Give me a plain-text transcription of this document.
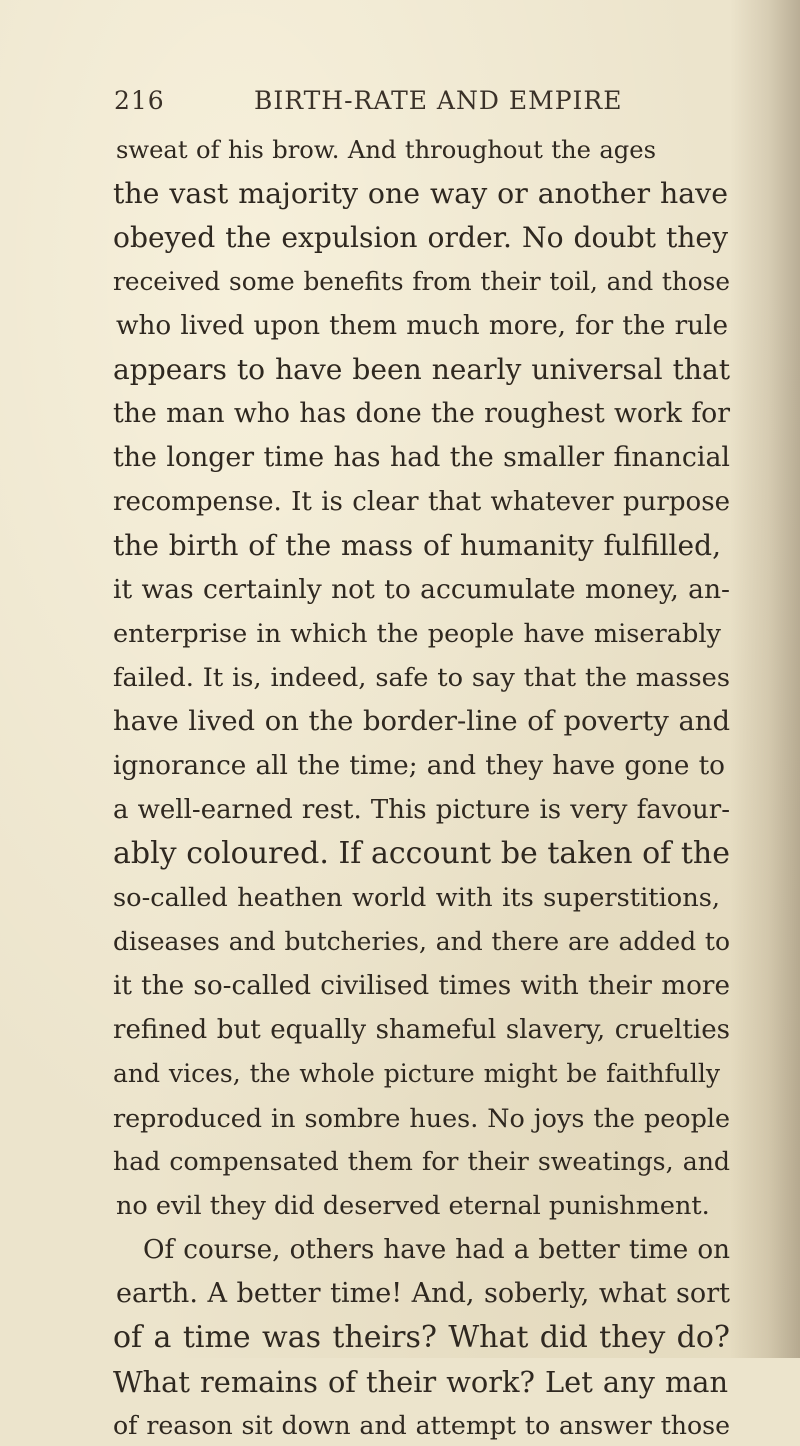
216	BIRTH-RATE AND EMPIRE
sweat of his brow. And throughout the ages
the vast majority one way or another have
obeyed the expulsion order. No doubt they
received some benefits from their toil, and those
who lived upon them much more, for the rule
appears to have been nearly universal that
the man who has done the roughest work for
the longer time has had the smaller financial
recompense. It is clear that whatever purpose
the birth of the mass of humanity fulfilled,
it was certainly not to accumulate money, an-
enterprise in which the people have miserably
failed. It is, indeed, safe to say that the masses
have lived on the border-line of poverty and
ignorance all the time; and they have gone to
a well-earned rest. This picture is very favour-
ably coloured. If account be taken of the
so-called heathen world with its superstitions,
diseases and butcheries, and there are added to
it the so-called civilised times with their more
refined but equally shameful slavery, cruelties
and vices, the whole picture might be faithfully
reproduced in sombre hues. No joys the people
had compensated them for their sweatings, and
no evil they did deserved eternal punishment.
Of course, others have had a better time on
earth. A better time! And, soberly, what sort
of a time was theirs? What did they do?
What remains of their work? Let any man
of reason sit down and attempt to answer those
